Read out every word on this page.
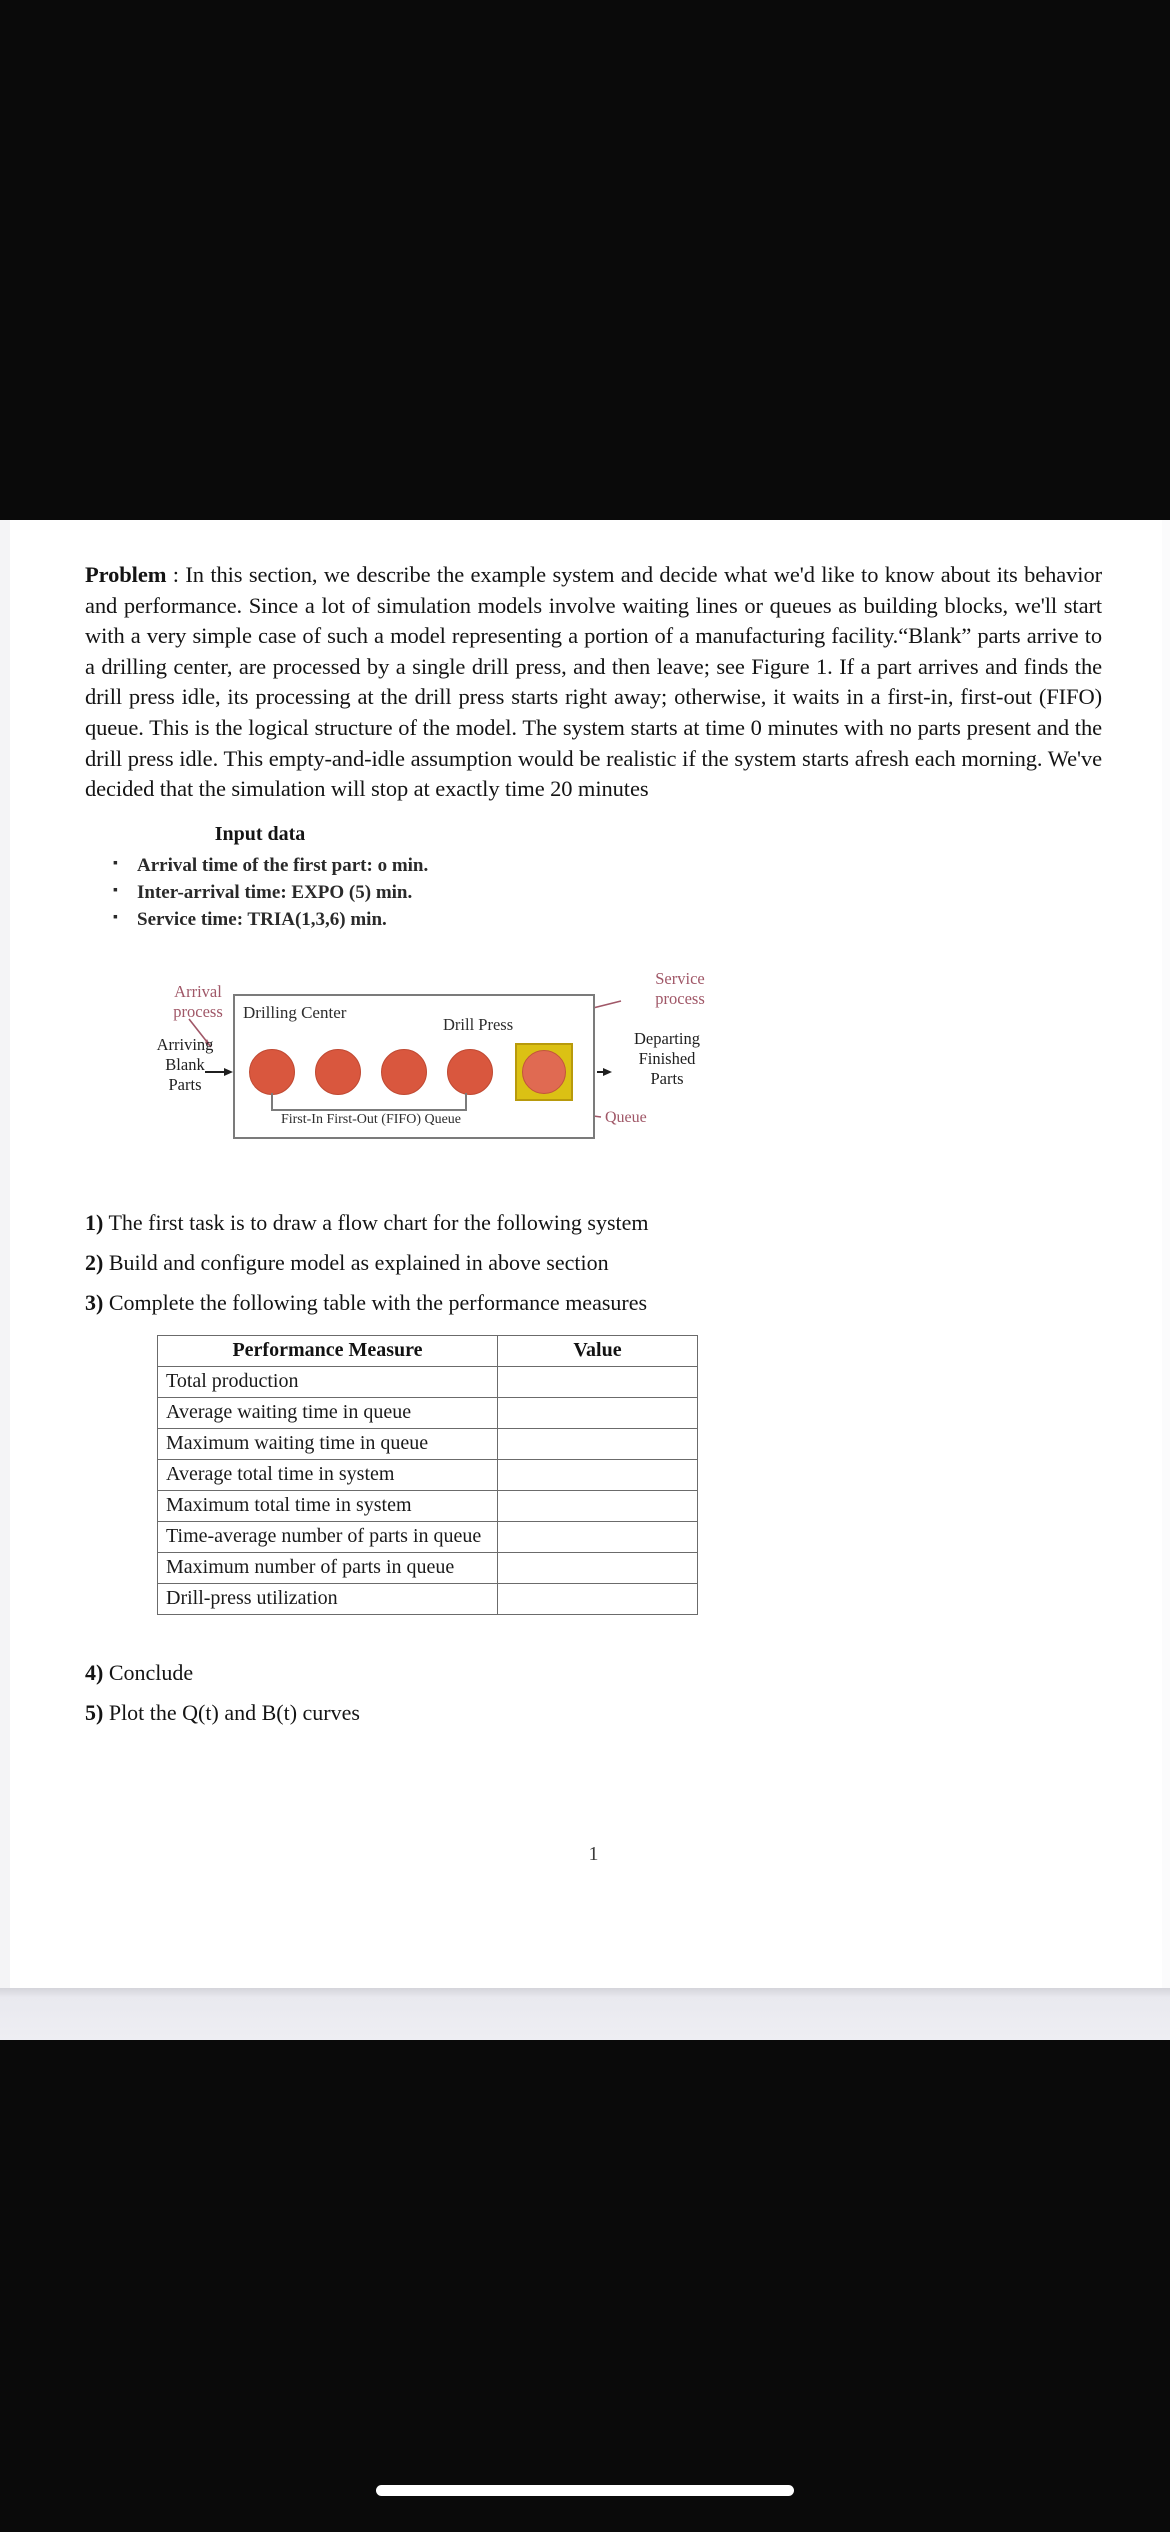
Problem : In this section, we describe the example system and decide what we'd like to know about its behavior and performance. Since a lot of simulation models involve waiting lines or queues as building blocks, we'll start with a very simple case of such a model representing a portion of a manufacturing facility.“Blank” parts arrive to a drilling center, are processed by a single drill press, and then leave; see Figure 1. If a part arrives and finds the drill press idle, its processing at the drill press starts right away; otherwise, it waits in a first-in, first-out (FIFO) queue. This is the logical structure of the model. The system starts at time 0 minutes with no parts present and the drill press idle. This empty-and-idle assumption would be realistic if the system starts afresh each morning. We've decided that the simulation will stop at exactly time 20 minutes

Input data
▪ Arrival time of the first part: o min.
▪ Inter-arrival time: EXPO (5) min.
▪ Service time: TRIA(1,3,6) min.
Arrival
process
Arriving
Blank
Parts
Drilling Center
Drill Press
First-In First-Out (FIFO) Queue
Service
process
Departing
Finished
Parts
Queue
1) The first task is to draw a flow chart for the following system
2) Build and configure model as explained in above section
3) Complete the following table with the performance measures
Performance Measure	Value
Total production	
Average waiting time in queue	
Maximum waiting time in queue	
Average total time in system	
Maximum total time in system	
Time-average number of parts in queue	
Maximum number of parts in queue	
Drill-press utilization	
4) Conclude
5) Plot the Q(t) and B(t) curves
1
